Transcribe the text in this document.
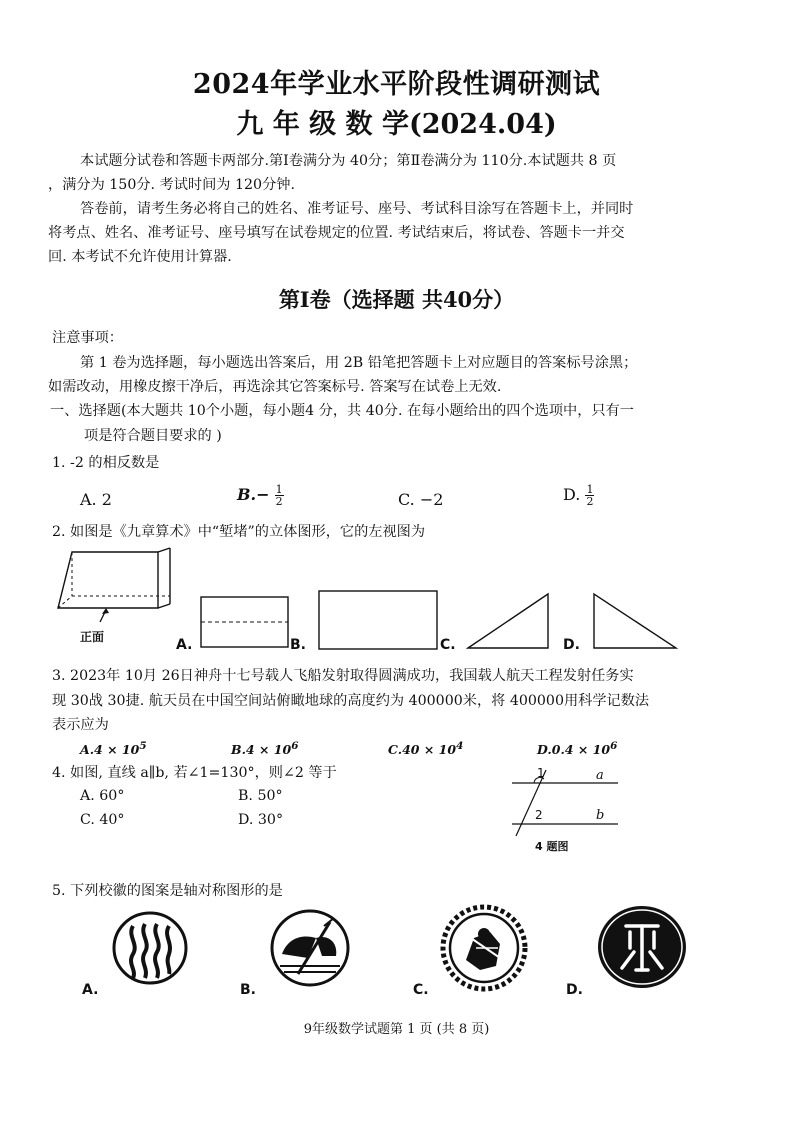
2024年学业水平阶段性调研测试
九 年 级 数 学(2024.04)
本试题分试卷和答题卡两部分.第Ⅰ卷满分为 40分；第Ⅱ卷满分为 110分.本试题共 8 页
，满分为 150分. 考试时间为 120分钟.
答卷前，请考生务必将自己的姓名、准考证号、座号、考试科目涂写在答题卡上，并同时
将考点、姓名、准考证号、座号填写在试卷规定的位置. 考试结束后，将试卷、答题卡一并交
回. 本考试不允许使用计算器.
第Ⅰ卷（选择题 共40分）
注意事项：
第 1 卷为选择题，每小题选出答案后，用 2B 铅笔把答题卡上对应题目的答案标号涂黑；
如需改动，用橡皮擦干净后，再选涂其它答案标号. 答案写在试卷上无效.
一、选择题(本大题共 10个小题，每小题4 分，共 40分. 在每小题给出的四个选项中，只有一
项是符合题目要求的 )
1. -2 的相反数是
A. 2	$B.- \frac{1}{2}$	C. −2	D. $\frac{1}{2}$
2. 如图是《九章算术》中“堑堵”的立体图形，它的左视图为
正面	A.	B.	C.	D.
3. 2023年 10月 26日神舟十七号载人飞船发射取得圆满成功，我国载人航天工程发射任务实
现 30战 30捷. 航天员在中国空间站俯瞰地球的高度约为 400000米，将 400000用科学记数法
表示应为
$A.4 \times 10^5$	$B.4 \times 10^6$	$C.40 \times 10^4$	$D.0.4 \times 10^6$
4. 如图, 直线 a∥b, 若∠1=130°，则∠2 等于
A. 60°	B. 50°
C. 40°	D. 30°
1
2
a
b
4 题图
5. 下列校徽的图案是轴对称图形的是
A.	B.	C.	D.
9年级数学试题第 1 页 (共 8 页)
